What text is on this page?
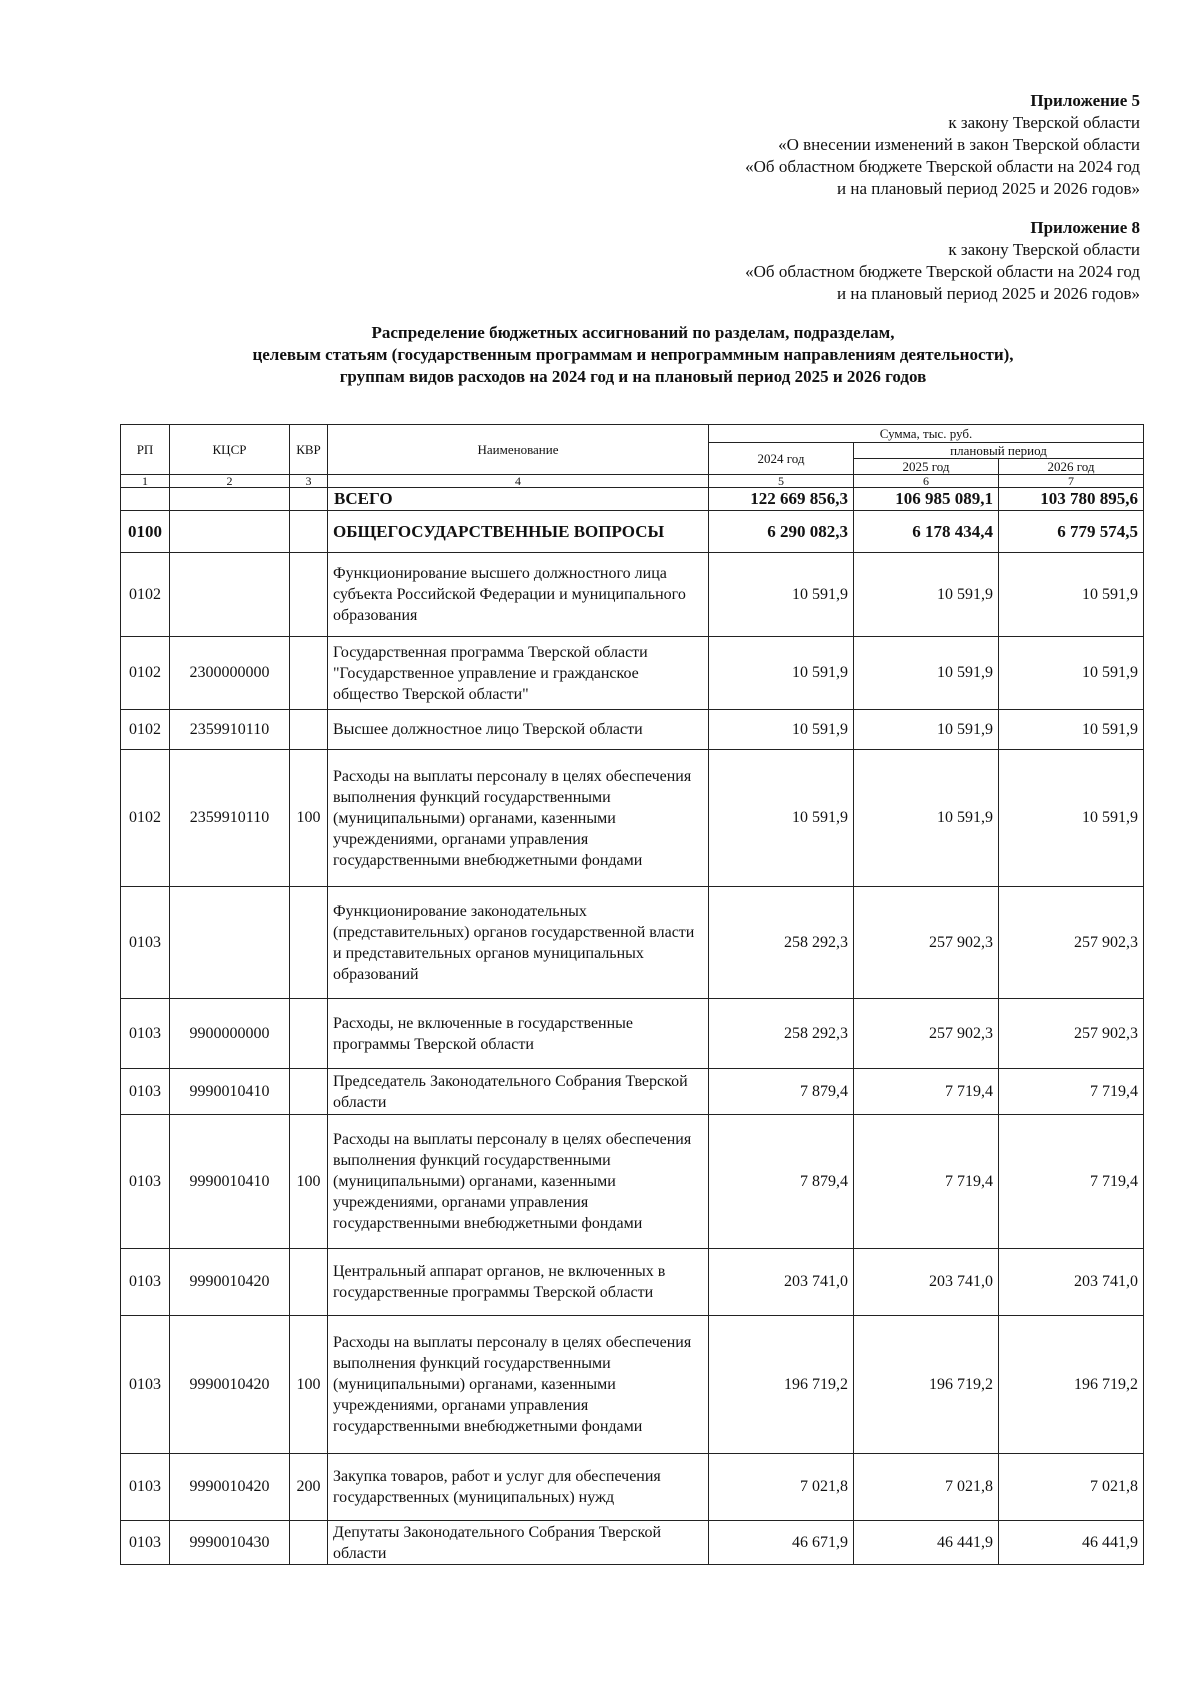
Приложение 5
к закону Тверской области
«О внесении изменений в закон Тверской области
«Об областном бюджете Тверской области на 2024 год
и на плановый период 2025 и 2026 годов»
Приложение 8
к закону Тверской области
«Об областном бюджете Тверской области на 2024 год
и на плановый период 2025 и 2026 годов»
Распределение бюджетных ассигнований по разделам, подразделам,
целевым статьям (государственным программам и непрограммным направлениям деятельности),
группам видов расходов на 2024 год и на плановый период 2025 и 2026 годов
РП	КЦСР	КВР	Наименование	Сумма, тыс. руб.		
				2024 год	плановый период	
					2025 год	2026 год
1	2	3	4	5	6	7
			ВСЕГО	122 669 856,3	106 985 089,1	103 780 895,6
0100			ОБЩЕГОСУДАРСТВЕННЫЕ ВОПРОСЫ	6 290 082,3	6 178 434,4	6 779 574,5
0102			Функционирование высшего должностного лица субъекта Российской Федерации и муниципального образования	10 591,9	10 591,9	10 591,9
0102	2300000000		Государственная программа Тверской области "Государственное управление и гражданское общество Тверской области"	10 591,9	10 591,9	10 591,9
0102	2359910110		Высшее должностное лицо Тверской области	10 591,9	10 591,9	10 591,9
0102	2359910110	100	Расходы на выплаты персоналу в целях обеспечения выполнения функций государственными (муниципальными) органами, казенными учреждениями, органами управления государственными внебюджетными фондами	10 591,9	10 591,9	10 591,9
0103			Функционирование законодательных (представительных) органов государственной власти и представительных органов муниципальных образований	258 292,3	257 902,3	257 902,3
0103	9900000000		Расходы, не включенные в государственные программы Тверской области	258 292,3	257 902,3	257 902,3
0103	9990010410		Председатель Законодательного Собрания Тверской области	7 879,4	7 719,4	7 719,4
0103	9990010410	100	Расходы на выплаты персоналу в целях обеспечения выполнения функций государственными (муниципальными) органами, казенными учреждениями, органами управления государственными внебюджетными фондами	7 879,4	7 719,4	7 719,4
0103	9990010420		Центральный аппарат органов, не включенных в государственные программы Тверской области	203 741,0	203 741,0	203 741,0
0103	9990010420	100	Расходы на выплаты персоналу в целях обеспечения выполнения функций государственными (муниципальными) органами, казенными учреждениями, органами управления государственными внебюджетными фондами	196 719,2	196 719,2	196 719,2
0103	9990010420	200	Закупка товаров, работ и услуг для обеспечения государственных (муниципальных) нужд	7 021,8	7 021,8	7 021,8
0103	9990010430		Депутаты Законодательного Собрания Тверской области	46 671,9	46 441,9	46 441,9
